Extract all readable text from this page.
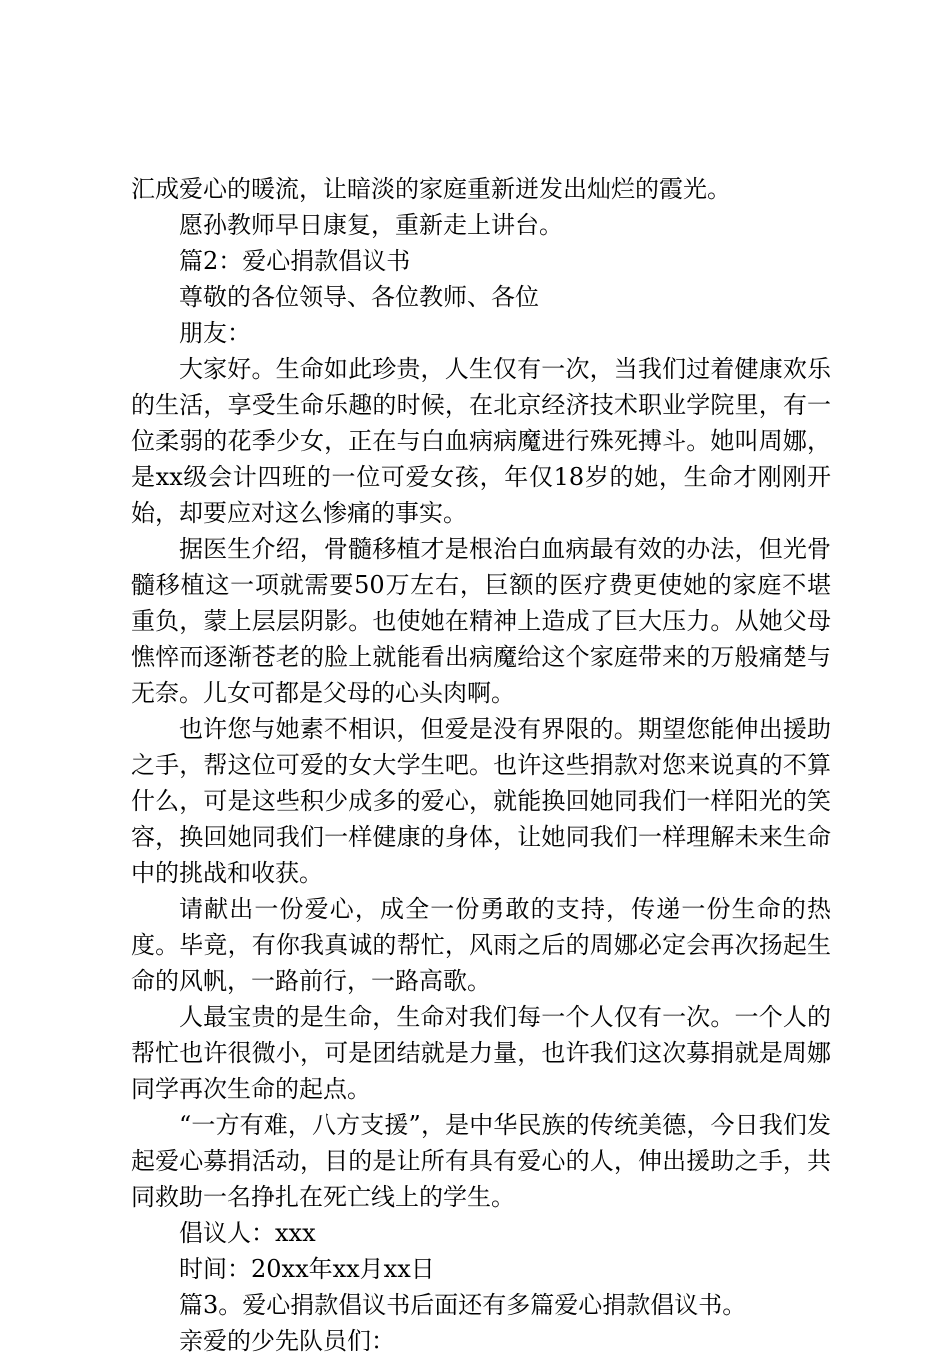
汇成爱心的暖流，让暗淡的家庭重新迸发出灿烂的霞光。

愿孙教师早日康复，重新走上讲台。

篇2：爱心捐款倡议书

尊敬的各位领导、各位教师、各位

朋友：

大家好。生命如此珍贵，人生仅有一次，当我们过着健康欢乐的生活，享受生命乐趣的时候，在北京经济技术职业学院里，有一位柔弱的花季少女，正在与白血病病魔进行殊死搏斗。她叫周娜，是xx级会计四班的一位可爱女孩，年仅18岁的她，生命才刚刚开始，却要应对这么惨痛的事实。

据医生介绍，骨髓移植才是根治白血病最有效的办法，但光骨髓移植这一项就需要50万左右，巨额的医疗费更使她的家庭不堪重负，蒙上层层阴影。也使她在精神上造成了巨大压力。从她父母憔悴而逐渐苍老的脸上就能看出病魔给这个家庭带来的万般痛楚与无奈。儿女可都是父母的心头肉啊。

也许您与她素不相识，但爱是没有界限的。期望您能伸出援助之手，帮这位可爱的女大学生吧。也许这些捐款对您来说真的不算什么，可是这些积少成多的爱心，就能换回她同我们一样阳光的笑容，换回她同我们一样健康的身体，让她同我们一样理解未来生命中的挑战和收获。

请献出一份爱心，成全一份勇敢的支持，传递一份生命的热度。毕竟，有你我真诚的帮忙，风雨之后的周娜必定会再次扬起生命的风帆，一路前行，一路高歌。

人最宝贵的是生命，生命对我们每一个人仅有一次。一个人的帮忙也许很微小，可是团结就是力量，也许我们这次募捐就是周娜同学再次生命的起点。

“一方有难，八方支援”，是中华民族的传统美德，今日我们发起爱心募捐活动，目的是让所有具有爱心的人，伸出援助之手，共同救助一名挣扎在死亡线上的学生。

倡议人：xxx

时间：20xx年xx月xx日

篇3。爱心捐款倡议书后面还有多篇爱心捐款倡议书。

亲爱的少先队员们：
